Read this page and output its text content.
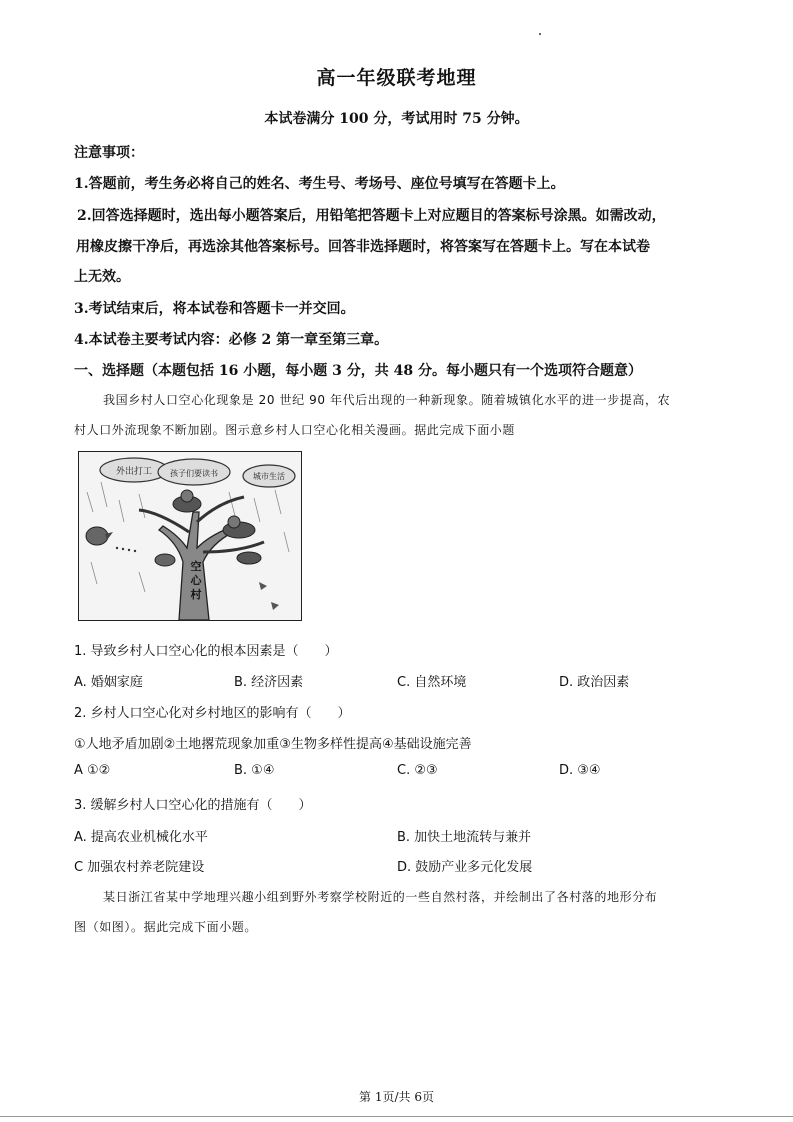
高一年级联考地理
本试卷满分 100 分，考试用时 75 分钟。
注意事项：
1.答题前，考生务必将自己的姓名、考生号、考场号、座位号填写在答题卡上。
2.回答选择题时，选出每小题答案后，用铅笔把答题卡上对应题目的答案标号涂黑。如需改动，
用橡皮擦干净后，再选涂其他答案标号。回答非选择题时，将答案写在答题卡上。写在本试卷
上无效。
3.考试结束后，将本试卷和答题卡一并交回。
4.本试卷主要考试内容：必修 2 第一章至第三章。
一、选择题（本题包括 16 小题，每小题 3 分，共 48 分。每小题只有一个选项符合题意）
我国乡村人口空心化现象是 20 世纪 90 年代后出现的一种新现象。随着城镇化水平的进一步提高，农
村人口外流现象不断加剧。图示意乡村人口空心化相关漫画。据此完成下面小题
外出打工 孩子们要读书	城市生活
空
心
村
1. 导致乡村人口空心化的根本因素是（　　）
A. 婚姻家庭	B. 经济因素	C. 自然环境	D. 政治因素
2. 乡村人口空心化对乡村地区的影响有（　　）
①人地矛盾加剧②土地撂荒现象加重③生物多样性提高④基础设施完善
A ①②	B. ①④	C. ②③	D. ③④
3. 缓解乡村人口空心化的措施有（　　）
A. 提高农业机械化水平	B. 加快土地流转与兼并
C 加强农村养老院建设	D. 鼓励产业多元化发展
某日浙江省某中学地理兴趣小组到野外考察学校附近的一些自然村落，并绘制出了各村落的地形分布
图（如图）。据此完成下面小题。
第 1页/共 6页
